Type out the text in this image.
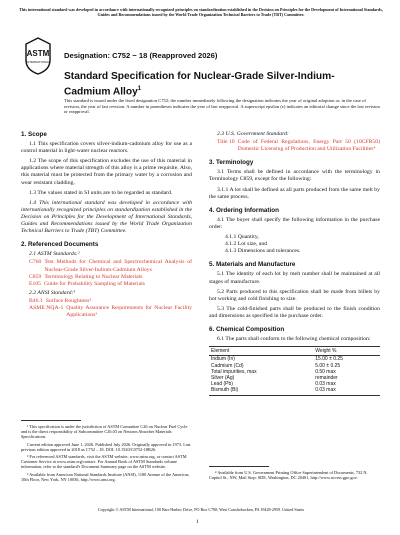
This international standard was developed in accordance with internationally recognized principles on standardization established in the Decision on Principles for the Development of International Standards, Guides and Recommendations issued by the World Trade Organization Technical Barriers to Trade (TBT) Committee.
ASTM
INTERNATIONAL
Designation: C752 − 18 (Reapproved 2026)
Standard Specification for Nuclear-Grade Silver-Indium-Cadmium Alloy$^1$
This standard is issued under the fixed designation C752; the number immediately following the designation indicates the year of original adoption or, in the case of revision, the year of last revision. A number in parentheses indicates the year of last reapproval. A superscript epsilon (ε) indicates an editorial change since the last revision or reapproval.
1. Scope
1.1 This specification covers silver-indium-cadmium alloy for use as a control material in light-water nuclear reactors.
1.2 The scope of this specification excludes the use of this material in applications where material strength of this alloy is a prime requisite. Also, this material must be protected from the primary water by a corrosion and wear resistant cladding.
1.3 The values stated in SI units are to be regarded as standard.
1.4 This international standard was developed in accordance with internationally recognized principles on standardization established in the Decision on Principles for the Development of International Standards, Guides and Recommendations issued by the World Trade Organization Technical Barriers to Trade (TBT) Committee.
2. Referenced Documents
2.1 ASTM Standards:²
C760 Test Methods for Chemical and Spectrochemical Analysis of Nuclear-Grade Silver-Indium-Cadmium Alloys
C859 Terminology Relating to Nuclear Materials
E105 Guide for Probability Sampling of Materials
2.2 ANSI Standard:³
B46.1 Surface Roughness³
ASME NQA-1 Quality Assurance Requirements for Nuclear Facility Applications³
¹ This specification is under the jurisdiction of ASTM Committee C26 on Nuclear Fuel Cycle and is the direct responsibility of Subcommittee C26.03 on Neutron Absorber Materials Specifications.
Current edition approved June 1, 2026. Published July 2026. Originally approved in 1973. Last previous edition approved in 2018 as C752 – 18. DOI: 10.1520/C0752-18R26.
² For referenced ASTM standards, visit the ASTM website, www.astm.org, or contact ASTM Customer Service at www.astm.org/contact. For Annual Book of ASTM Standards volume information, refer to the standard's Document Summary page on the ASTM website.
³ Available from American National Standards Institute (ANSI), 1180 Avenue of the Americas, 10th Floor, New York, NY 10036, http://www.ansi.org.
2.3 U.S. Government Standard:
Title 10 Code of Federal Regulations, Energy Part 50 (10CFR50) Domestic Licensing of Production and Utilization Facilities⁴
3. Terminology
3.1 Terms shall be defined in accordance with the terminology in Terminology C859, except for the following:
3.1.1 A lot shall be defined as all parts produced from the same melt by the same process.
4. Ordering Information
4.1 The buyer shall specify the following information in the purchase order:
4.1.1 Quantity,
4.1.2 Lot size, and
4.1.3 Dimensions and tolerances.
5. Materials and Manufacture
5.1 The identity of each lot by melt number shall be maintained at all stages of manufacture.
5.2 Parts produced to this specification shall be made from billets by hot working and cold finishing to size.
5.3 The cold-finished parts shall be produced to the finish condition and dimensions as specified in the purchase order.
6. Chemical Composition
6.1 The parts shall conform to the following chemical composition:
Element	Weight %
Indium (In)	15.00 ± 0.25
Cadmium (Cd)	5.00 ± 0.25
Total impurities, max	0.50 max
Silver (Ag)	remainder
Lead (Pb)	0.03 max
Bismuth (Bi)	0.03 max
⁴ Available from U.S. Government Printing Office Superintendent of Documents, 732 N. Capitol St., NW, Mail Stop: SDE, Washington, DC 20401, http://www.access.gpo.gov.
Copyright © ASTM International, 100 Barr Harbor Drive, PO Box C700, West Conshohocken, PA 19428-2959. United States
1
